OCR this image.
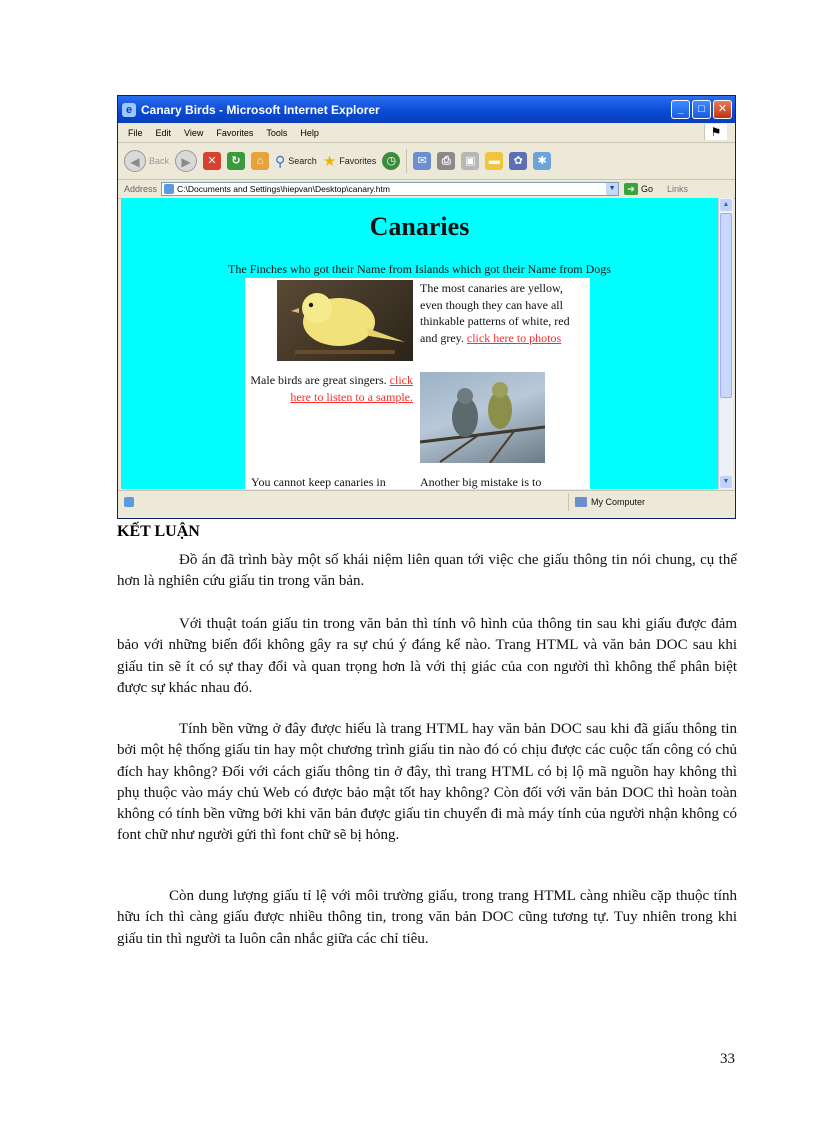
e Canary Birds - Microsoft Internet Explorer	_	□	✕
File Edit View Favorites Tools Help	⚑
◀	Back	▶	✕	↻	⌂ ⚲ Search ★ Favorites ◷	✉	⎙	▣	▬	✿	✱
Address C:\Documents and Settings\hiepvan\Desktop\canary.htm	▼	➜ Go Links
Canaries
The Finches who got their Name from Islands which got their Name from Dogs
The most canaries are yellow, even though they can have all thinkable patterns of white, red and grey. click here to photos
Male birds are great singers. click here to listen to a sample.
You cannot keep canaries in	Another big mistake is to
▲
▼
My Computer
KẾT LUẬN

Đồ án đã trình bày một số khái niệm liên quan tới việc che giấu thông tin nói chung, cụ thể hơn là nghiên cứu giấu tin trong văn bản.

Với thuật toán giấu tin trong văn bản thì tính vô hình của thông tin sau khi giấu được đảm bảo với những biến đổi không gây ra sự chú ý đáng kể nào. Trang HTML và văn bản DOC sau khi giấu tin sẽ ít có sự thay đổi và quan trọng hơn là với thị giác của con người thì không thể phân biệt được sự khác nhau đó.

Tính bền vững ở đây được hiểu là trang HTML hay văn bản DOC sau khi đã giấu thông tin bởi một hệ thống giấu tin hay một chương trình giấu tin nào đó có chịu được các cuộc tấn công có chủ đích hay không? Đối với cách giấu thông tin ở đây, thì trang HTML có bị lộ mã nguồn hay không thì phụ thuộc vào máy chủ Web có được bảo mật tốt hay không? Còn đối với văn bản DOC thì hoàn toàn không có tính bền vững bởi khi văn bản được giấu tin chuyển đi mà máy tính của người nhận không có font chữ như người gửi thì font chữ sẽ bị hỏng.

Còn dung lượng giấu tỉ lệ với môi trường giấu, trong trang HTML càng nhiều cặp thuộc tính hữu ích thì càng giấu được nhiều thông tin, trong văn bản DOC cũng tương tự. Tuy nhiên trong khi giấu tin thì người ta luôn cân nhắc giữa các chỉ tiêu.

33
